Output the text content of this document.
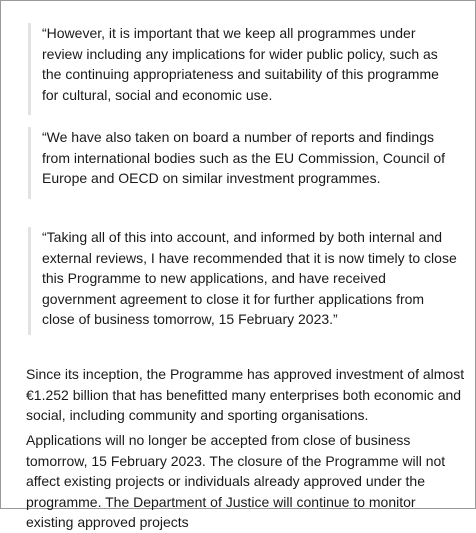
“However, it is important that we keep all programmes under review including any implications for wider public policy, such as the continuing appropriateness and suitability of this programme for cultural, social and economic use.

“We have also taken on board a number of reports and findings from international bodies such as the EU Commission, Council of Europe and OECD on similar investment programmes.

“Taking all of this into account, and informed by both internal and external reviews, I have recommended that it is now timely to close this Programme to new applications, and have received government agreement to close it for further applications from close of business tomorrow, 15 February 2023.”

Since its inception, the Programme has approved investment of almost €1.252 billion that has benefitted many enterprises both economic and social, including community and sporting organisations.

Applications will no longer be accepted from close of business tomorrow, 15 February 2023. The closure of the Programme will not affect existing projects or individuals already approved under the programme. The Department of Justice will continue to monitor existing approved projects
